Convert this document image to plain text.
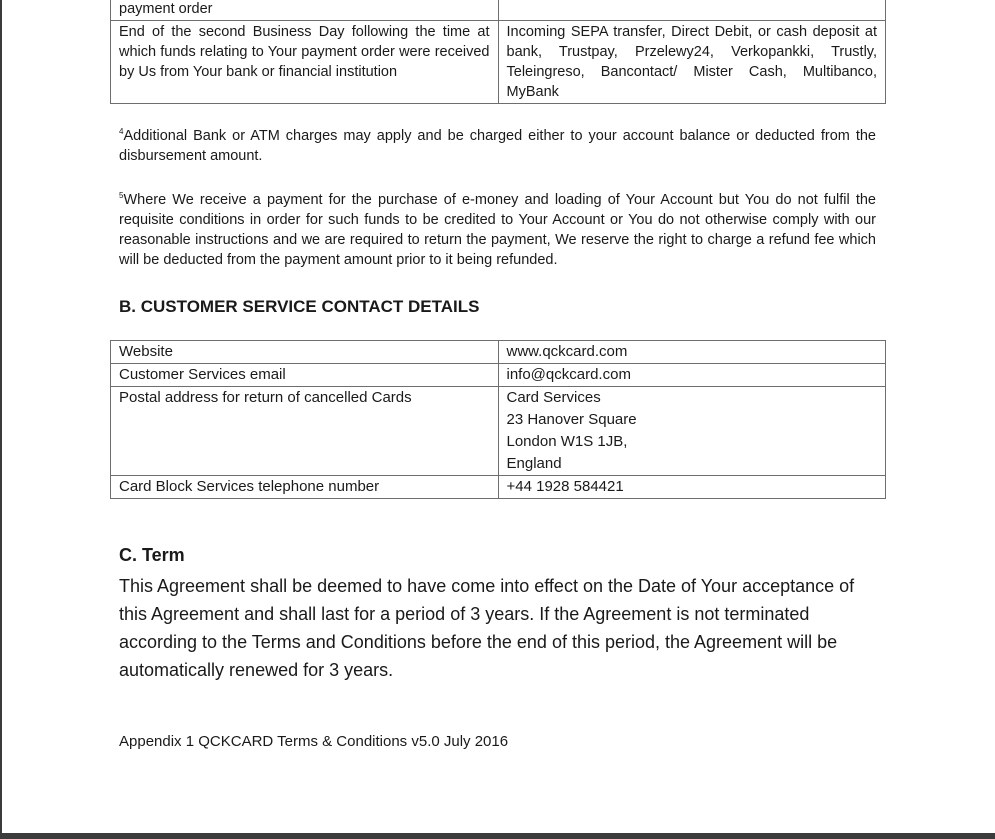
payment order	
End of the second Business Day following the time at which funds relating to Your payment order were received by Us from Your bank or financial institution	Incoming SEPA transfer, Direct Debit, or cash deposit at bank, Trustpay, Przelewy24, Verkopankki, Trustly, Teleingreso, Bancontact/ Mister Cash, Multibanco, MyBank

$^4$Additional Bank or ATM charges may apply and be charged either to your account balance or deducted from the disbursement amount.

$^5$Where We receive a payment for the purchase of e-money and loading of Your Account but You do not fulfil the requisite conditions in order for such funds to be credited to Your Account or You do not otherwise comply with our reasonable instructions and we are required to return the payment, We reserve the right to charge a refund fee which will be deducted from the payment amount prior to it being refunded.

B. CUSTOMER SERVICE CONTACT DETAILS
Website	www.qckcard.com
Customer Services email	info@qckcard.com
Postal address for return of cancelled Cards	Card Services
23 Hanover Square
London W1S 1JB,
England

Card Block Services telephone number	+44 1928 584421
C. Term

This Agreement shall be deemed to have come into effect on the Date of Your acceptance of this Agreement and shall last for a period of 3 years. If the Agreement is not terminated according to the Terms and Conditions before the end of this period, the Agreement will be automatically renewed for 3 years.

Appendix 1 QCKCARD Terms & Conditions v5.0 July 2016
